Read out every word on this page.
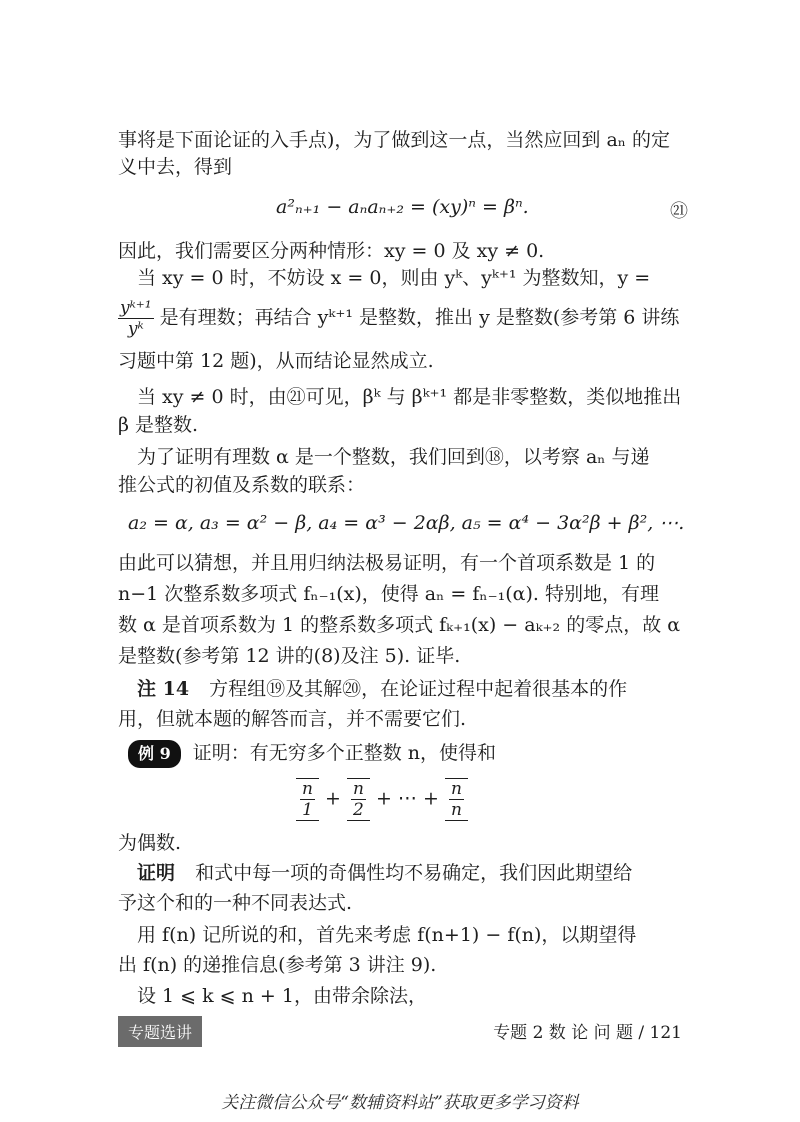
事将是下面论证的入手点)，为了做到这一点，当然应回到 aₙ 的定
义中去，得到
a²ₙ₊₁ − aₙaₙ₊₂ = (xy)ⁿ = βⁿ.	㉑
因此，我们需要区分两种情形：xy = 0 及 xy ≠ 0.
当 xy = 0 时，不妨设 x = 0，则由 yᵏ、yᵏ⁺¹ 为整数知，y =
$\frac{\text{yᵏ⁺¹}}{\text{yᵏ}}$ 是有理数；再结合 yᵏ⁺¹ 是整数，推出 y 是整数(参考第 6 讲练
习题中第 12 题)，从而结论显然成立.
当 xy ≠ 0 时，由㉑可见，βᵏ 与 βᵏ⁺¹ 都是非零整数，类似地推出
β 是整数.
为了证明有理数 α 是一个整数，我们回到⑱，以考察 aₙ 与递
推公式的初值及系数的联系：
a₂ = α, a₃ = α² − β, a₄ = α³ − 2αβ, a₅ = α⁴ − 3α²β + β², ⋯.
由此可以猜想，并且用归纳法极易证明，有一个首项系数是 1 的
n−1 次整系数多项式 fₙ₋₁(x)，使得 aₙ = fₙ₋₁(α). 特别地，有理
数 α 是首项系数为 1 的整系数多项式 fₖ₊₁(x) − aₖ₊₂ 的零点，故 α
是整数(参考第 12 讲的(8)及注 5). 证毕.
注 14 方程组⑲及其解⑳，在论证过程中起着很基本的作
用，但就本题的解答而言，并不需要它们.
例 9 证明：有无穷多个正整数 n，使得和
$\frac{n}{1} + \frac{n}{2}$ + ⋯ + $\frac{n}{n}$
为偶数.
证明 和式中每一项的奇偶性均不易确定，我们因此期望给
予这个和的一种不同表达式.
用 f(n) 记所说的和，首先来考虑 f(n+1) − f(n)，以期望得
出 f(n) 的递推信息(参考第 3 讲注 9).
设 1 ⩽ k ⩽ n + 1，由带余除法，
专题选讲	专题 2 数 论 问 题 / 121
关注微信公众号“数辅资料站”获取更多学习资料
